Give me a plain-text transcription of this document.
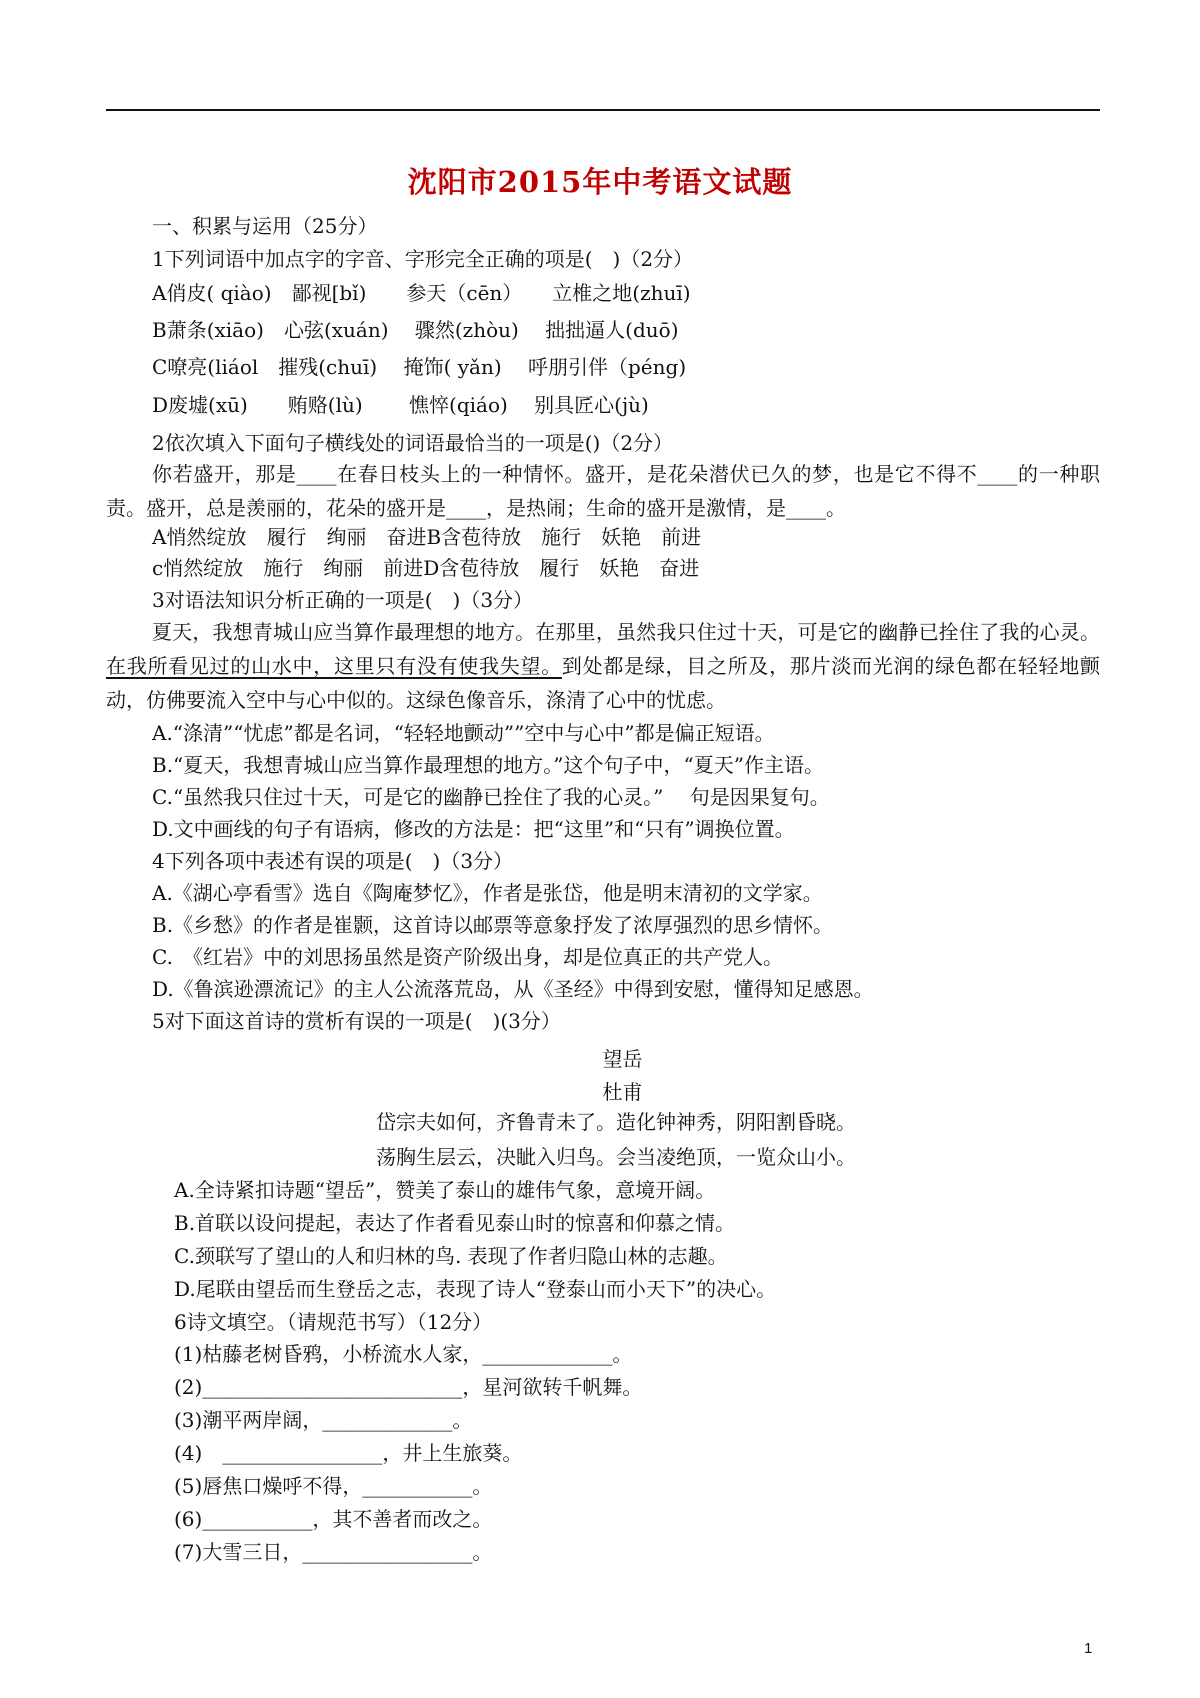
沈阳市2015年中考语文试题
一、积累与运用（25分）
1下列词语中加点字的字音、字形完全正确的项是(　)（2分）
A俏皮( qiào)　鄙视[bǐ)　　参天（cēn）　　立椎之地(zhuī)
B萧条(xiāo)　心弦(xuán)　 骤然(zhòu)　 拙拙逼人(duō)
C嘹亮(liáol　摧残(chuī)　 掩饰( yǎn)　 呼朋引伴（péng)
D废墟(xū)　　贿赂(lù)　　 憔悴(qiáo)　 别具匠心(jù)
2依次填入下面句子横线处的词语最恰当的一项是()（2分）

你若盛开，那是____在春日枝头上的一种情怀。盛开，是花朵潜伏已久的梦，也是它不得不____的一种职责。盛开，总是羡丽的，花朵的盛开是____，是热闹；生命的盛开是激情，是____。

A悄然绽放　履行　绚丽　奋进B含苞待放　施行　妖艳　前进
c悄然绽放　施行　绚丽　前进D含苞待放　履行　妖艳　奋进
3对语法知识分析正确的一项是(　)（3分）

夏天，我想青城山应当算作最理想的地方。在那里，虽然我只住过十天，可是它的幽静已拴住了我的心灵。在我所看见过的山水中，这里只有没有使我失望。到处都是绿，目之所及，那片淡而光润的绿色都在轻轻地颤动，仿佛要流入空中与心中似的。这绿色像音乐，涤清了心中的忧虑。

A.“涤清”“忧虑”都是名词，“轻轻地颤动””空中与心中”都是偏正短语。
B.“夏天，我想青城山应当算作最理想的地方。”这个句子中，“夏天”作主语。
C.“虽然我只住过十天，可是它的幽静已拴住了我的心灵。”　 句是因果复句。
D.文中画线的句子有语病，修改的方法是：把“这里”和“只有”调换位置。
4下列各项中表述有误的项是(　)（3分）
A.《湖心亭看雪》选自《陶庵梦忆》，作者是张岱，他是明末清初的文学家。
B.《乡愁》的作者是崔颢，这首诗以邮票等意象抒发了浓厚强烈的思乡情怀。
C.　《红岩》中的刘思扬虽然是资产阶级出身，却是位真正的共产党人。
D.《鲁滨逊漂流记》的主人公流落荒岛，从《圣经》中得到安慰，懂得知足感恩。
5对下面这首诗的赏析有误的一项是(　)(3分）
望岳
杜甫
岱宗夫如何，齐鲁青未了。造化钟神秀，阴阳割昏晓。
荡胸生层云，决眦入归鸟。会当凌绝顶，一览众山小。
A.全诗紧扣诗题“望岳”，赞美了泰山的雄伟气象，意境开阔。
B.首联以设问提起，表达了作者看见泰山时的惊喜和仰慕之情。
C.颈联写了望山的人和归林的鸟. 表现了作者归隐山林的志趣。
D.尾联由望岳而生登岳之志，表现了诗人“登泰山而小天下”的决心。
6诗文填空。（请规范书写）（12分）
(1)枯藤老树昏鸦，小桥流水人家，_____________。
(2)__________________________，星河欲转千帆舞。
(3)潮平两岸阔，_____________。
(4)　________________，井上生旅葵。
(5)唇焦口燥呼不得，___________。
(6)___________，其不善者而改之。
(7)大雪三日，_________________。
1
